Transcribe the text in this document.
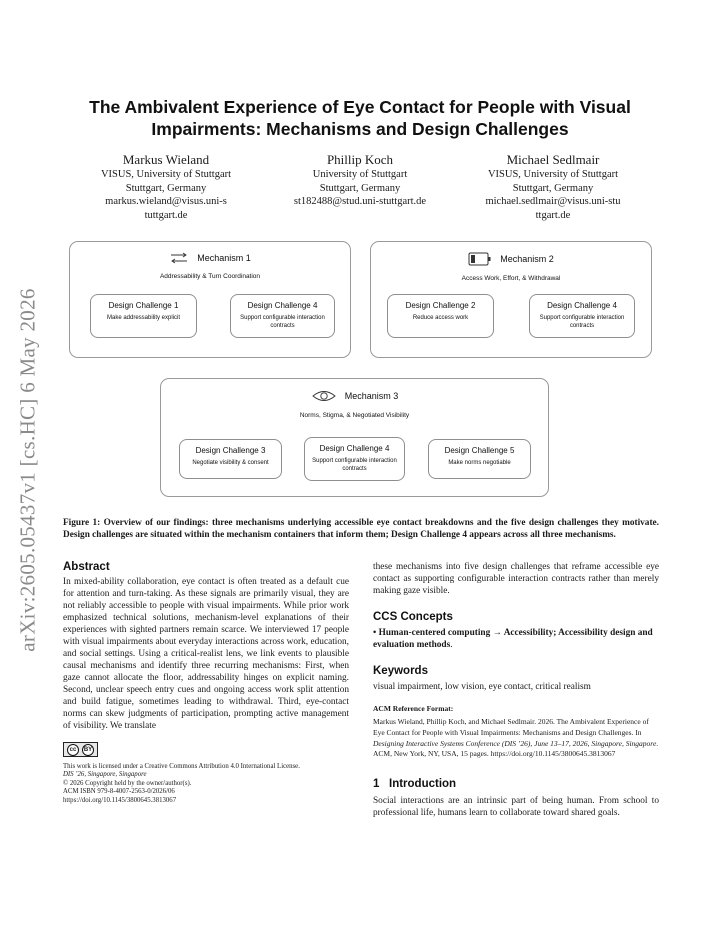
arXiv:2605.05437v1 [cs.HC] 6 May 2026
The Ambivalent Experience of Eye Contact for People with Visual Impairments: Mechanisms and Design Challenges
Markus Wieland
VISUS, University of Stuttgart
Stuttgart, Germany
markus.wieland@visus.uni-stuttgart.de
Phillip Koch
University of Stuttgart
Stuttgart, Germany
st182488@stud.uni-stuttgart.de
Michael Sedlmair
VISUS, University of Stuttgart
Stuttgart, Germany
michael.sedlmair@visus.uni-stuttgart.de
Mechanism 1
Addressability & Turn Coordination
Design Challenge 1
Make addressability explicit
Design Challenge 4
Support configurable interaction contracts
Mechanism 2
Access Work, Effort, & Withdrawal
Design Challenge 2
Reduce access work
Design Challenge 4
Support configurable interaction contracts
Mechanism 3
Norms, Stigma, & Negotiated Visibility
Design Challenge 3
Negotiate visibility & consent
Design Challenge 4
Support configurable interaction contracts
Design Challenge 5
Make norms negotiable

Figure 1: Overview of our findings: three mechanisms underlying accessible eye contact breakdowns and the five design challenges they motivate. Design challenges are situated within the mechanism containers that inform them; Design Challenge 4 appears across all three mechanisms.

Abstract
In mixed-ability collaboration, eye contact is often treated as a default cue for attention and turn-taking. As these signals are primarily visual, they are not reliably accessible to people with visual impairments. While prior work emphasized technical solutions, mechanism-level explanations of their experiences with sighted partners remain scarce. We interviewed 17 people with visual impairments about everyday interactions across work, education, and social settings. Using a critical-realist lens, we link events to plausible causal mechanisms and identify three recurring mechanisms: First, when gaze cannot allocate the floor, addressability hinges on explicit naming. Second, unclear speech entry cues and ongoing access work split attention and build fatigue, sometimes leading to withdrawal. Third, eye-contact norms can skew judgments of participation, prompting active management of visibility. We translate
cc	BY
This work is licensed under a Creative Commons Attribution 4.0 International License.
DIS ’26, Singapore, Singapore
© 2026 Copyright held by the owner/author(s).
ACM ISBN 979-8-4007-2563-0/2026/06
https://doi.org/10.1145/3800645.3813067
these mechanisms into five design challenges that reframe accessible eye contact as supporting configurable interaction contracts rather than merely making gaze visible.
CCS Concepts
• Human-centered computing → Accessibility; Accessibility design and evaluation methods.
Keywords
visual impairment, low vision, eye contact, critical realism
ACM Reference Format:
Markus Wieland, Phillip Koch, and Michael Sedlmair. 2026. The Ambivalent Experience of Eye Contact for People with Visual Impairments: Mechanisms and Design Challenges. In Designing Interactive Systems Conference (DIS ’26), June 13–17, 2026, Singapore, Singapore. ACM, New York, NY, USA, 15 pages. https://doi.org/10.1145/3800645.3813067
1 Introduction
Social interactions are an intrinsic part of being human. From school to professional life, humans learn to collaborate toward shared goals.
